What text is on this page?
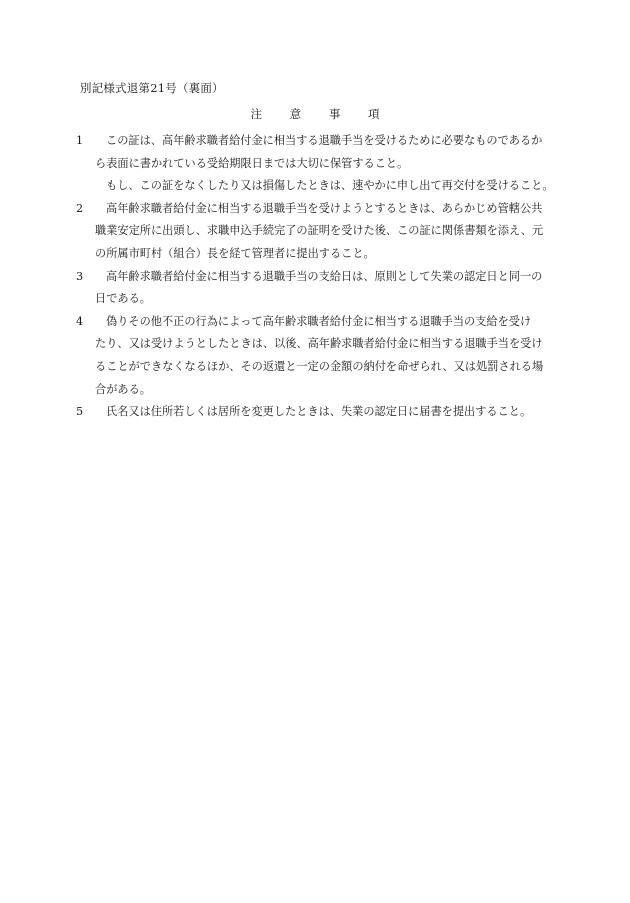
別記様式退第21号（裏面）
注 意 事 項
1	この証は、高年齢求職者給付金に相当する退職手当を受けるために必要なものであるか
ら表面に書かれている受給期限日までは大切に保管すること。
もし、この証をなくしたり又は損傷したときは、速やかに申し出て再交付を受けること。
2	高年齢求職者給付金に相当する退職手当を受けようとするときは、あらかじめ管轄公共
職業安定所に出頭し、求職申込手続完了の証明を受けた後、この証に関係書類を添え、元
の所属市町村（組合）長を経て管理者に提出すること。
3	高年齢求職者給付金に相当する退職手当の支給日は、原則として失業の認定日と同一の
日である。
4	偽りその他不正の行為によって高年齢求職者給付金に相当する退職手当の支給を受け
たり、又は受けようとしたときは、以後、高年齢求職者給付金に相当する退職手当を受け
ることができなくなるほか、その返還と一定の金額の納付を命ぜられ、又は処罰される場
合がある。
5	氏名又は住所若しくは居所を変更したときは、失業の認定日に届書を提出すること。
